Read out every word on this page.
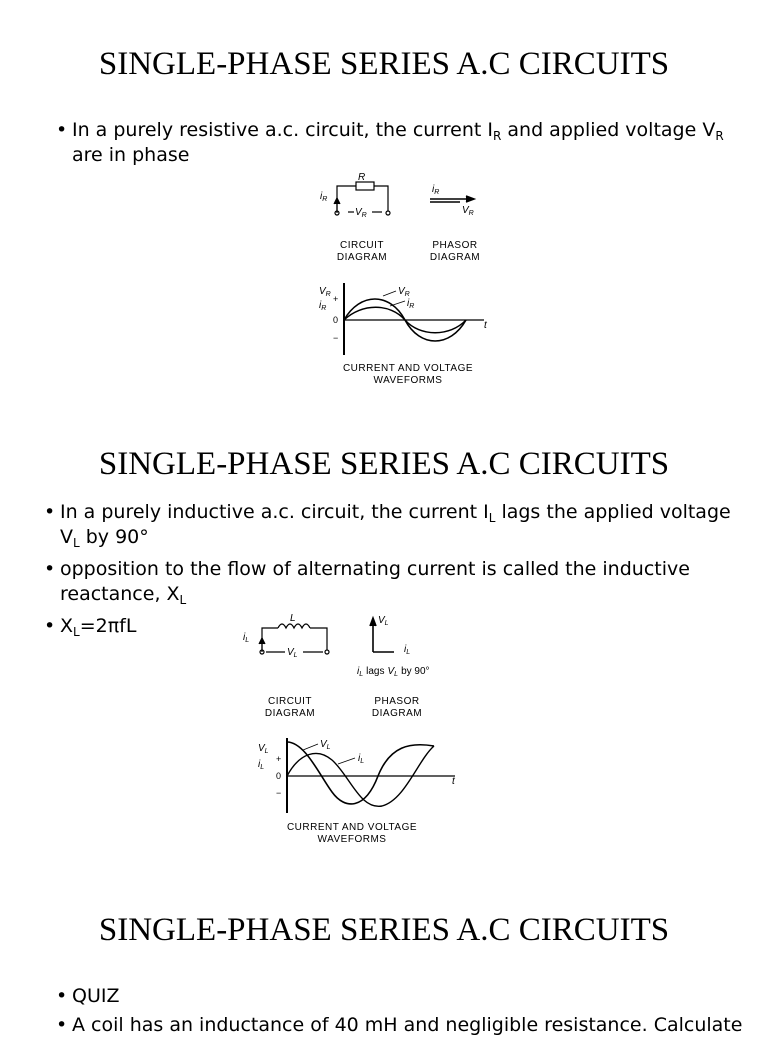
SINGLE-PHASE SERIES A.C CIRCUITS
• In a purely resistive a.c. circuit, the current $I_R$ and applied voltage $V_R$
are in phase
R
$i_R$
$V_R$
$i_R$
$V_R$
CIRCUIT
DIAGRAM
PHASOR
DIAGRAM
$V_R$
$i_R$
+
0
−
t
$V_R$
$i_R$
CURRENT AND VOLTAGE
WAVEFORMS
SINGLE-PHASE SERIES A.C CIRCUITS
• In a purely inductive a.c. circuit, the current $I_L$ lags the applied voltage
$V_L$ by 90°
• opposition to the flow of alternating current is called the inductive
reactance, $X_L$
• $X_L=2\pi fL$	L
$i_L$
$V_L$
$V_L$
$i_L$
$i_L$ lags $V_L$ by 90°
CIRCUIT
DIAGRAM
PHASOR
DIAGRAM
$V_L$
$i_L$
+
0
−
t
$V_L$
$i_L$
CURRENT AND VOLTAGE
WAVEFORMS
SINGLE-PHASE SERIES A.C CIRCUITS
• QUIZ
• A coil has an inductance of 40 mH and negligible resistance. Calculate
